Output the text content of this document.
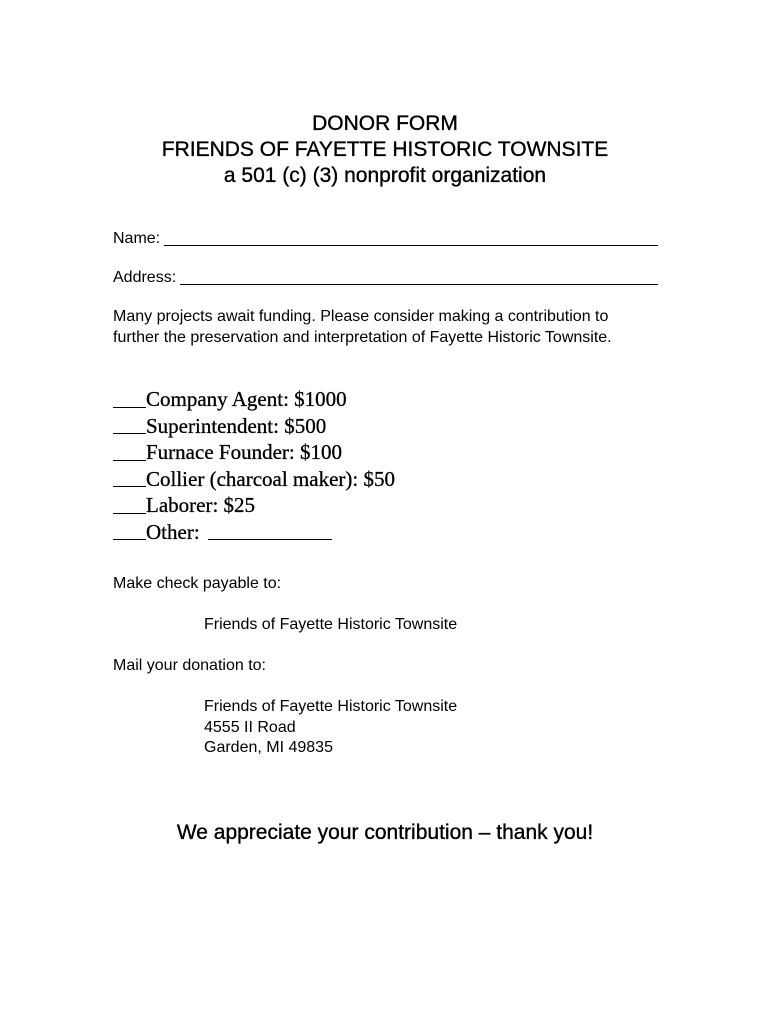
DONOR FORM
FRIENDS OF FAYETTE HISTORIC TOWNSITE
a 501 (c) (3) nonprofit organization
Name:
Address:
Many projects await funding. Please consider making a contribution to further the preservation and interpretation of Fayette Historic Townsite.
Company Agent: $1000
Superintendent: $500
Furnace Founder: $100
Collier (charcoal maker): $50
Laborer: $25
Other:
Make check payable to:
Friends of Fayette Historic Townsite
Mail your donation to:
Friends of Fayette Historic Townsite
4555 II Road
Garden, MI 49835
We appreciate your contribution – thank you!
